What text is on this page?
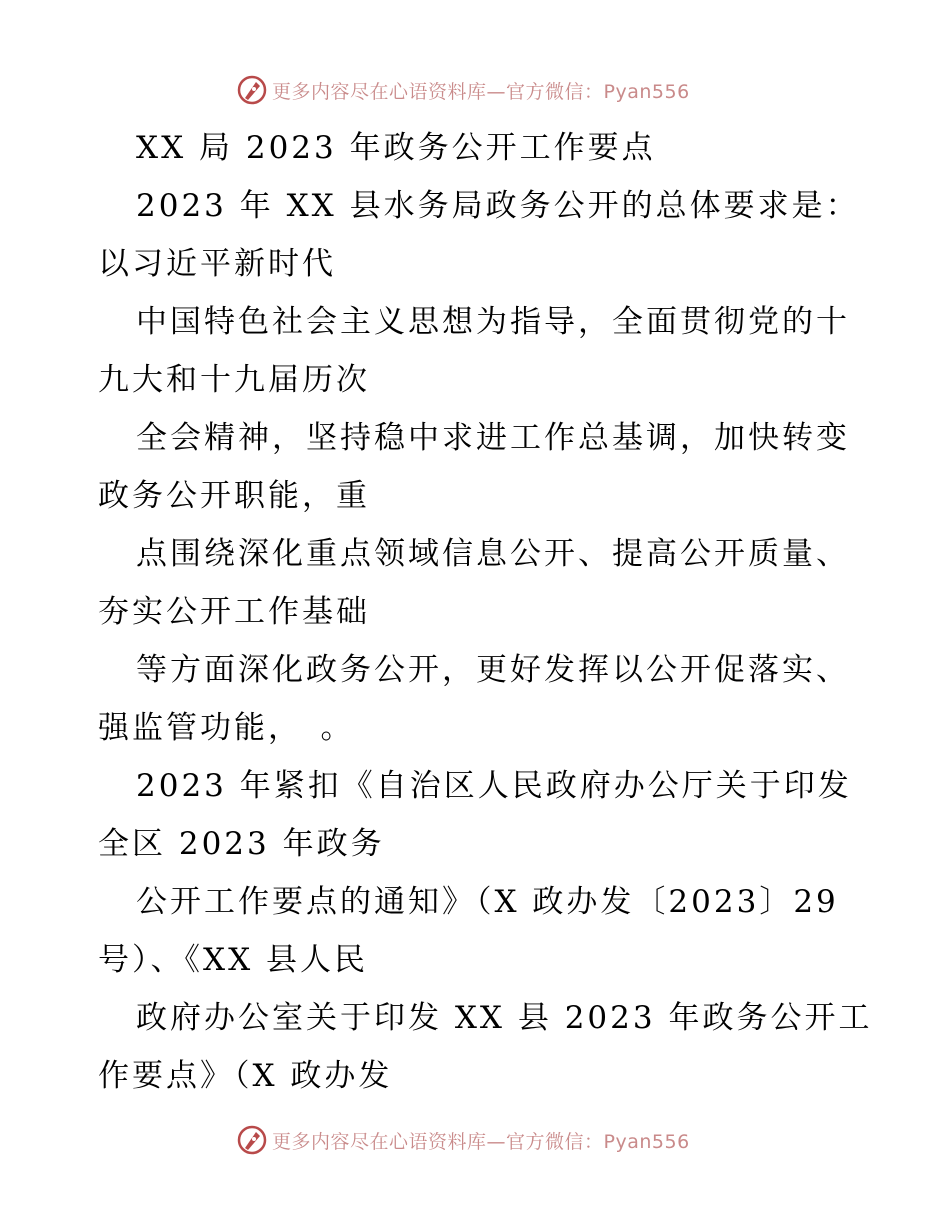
更多内容尽在心语资料库—官方微信：Pyan556
XX 局 2023 年政务公开工作要点
2023 年 XX 县水务局政务公开的总体要求是：
以习近平新时代
中国特色社会主义思想为指导，全面贯彻党的十
九大和十九届历次
全会精神，坚持稳中求进工作总基调，加快转变
政务公开职能，重
点围绕深化重点领域信息公开、提高公开质量、
夯实公开工作基础
等方面深化政务公开，更好发挥以公开促落实、
强监管功能，　。
2023 年紧扣《自治区人民政府办公厅关于印发
全区 2023 年政务
公开工作要点的通知》（X 政办发〔2023〕29
号）、《XX 县人民
政府办公室关于印发 XX 县 2023 年政务公开工
作要点》（X 政办发
更多内容尽在心语资料库—官方微信：Pyan556
